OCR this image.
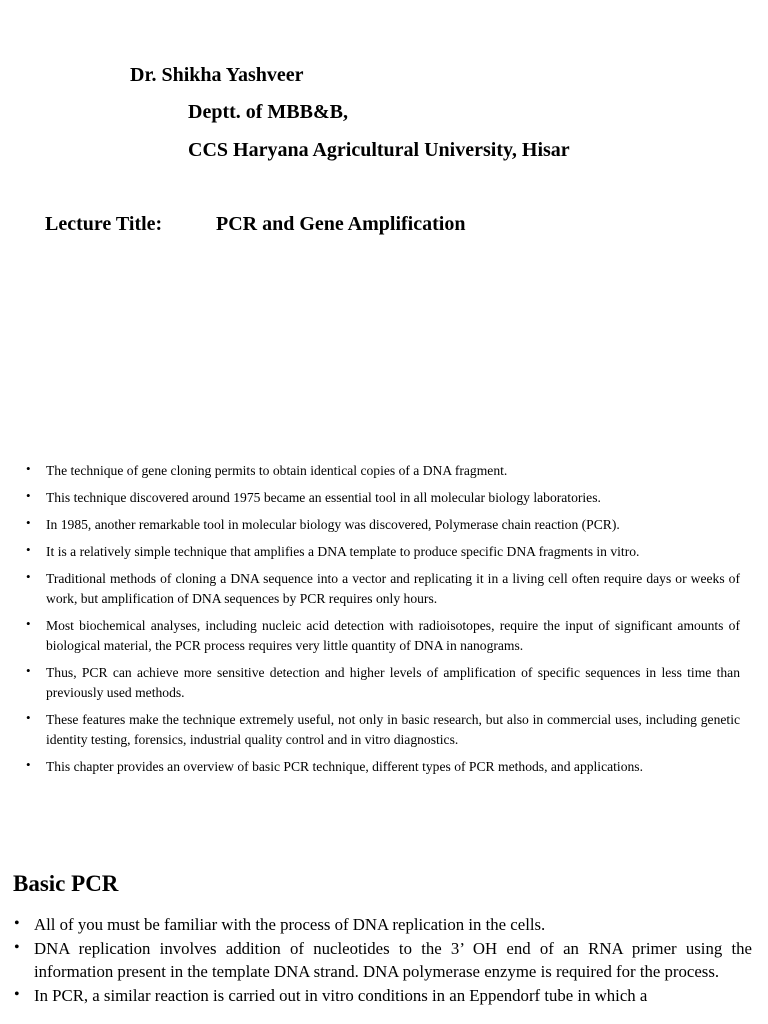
Dr. Shikha Yashveer
Deptt. of MBB&B,
CCS Haryana Agricultural University, Hisar
Lecture Title:	PCR and Gene Amplification
• The technique of gene cloning permits to obtain identical copies of a DNA fragment.
• This technique discovered around 1975 became an essential tool in all molecular biology laboratories.
• In 1985, another remarkable tool in molecular biology was discovered, Polymerase chain reaction (PCR).
• It is a relatively simple technique that amplifies a DNA template to produce specific DNA fragments in vitro.
• Traditional methods of cloning a DNA sequence into a vector and replicating it in a living cell often require days or weeks of work, but amplification of DNA sequences by PCR requires only hours.
• Most biochemical analyses, including nucleic acid detection with radioisotopes, require the input of significant amounts of biological material, the PCR process requires very little quantity of DNA in nanograms.
• Thus, PCR can achieve more sensitive detection and higher levels of amplification of specific sequences in less time than previously used methods.
• These features make the technique extremely useful, not only in basic research, but also in commercial uses, including genetic identity testing, forensics, industrial quality control and in vitro diagnostics.
• This chapter provides an overview of basic PCR technique, different types of PCR methods, and applications.
Basic PCR
• All of you must be familiar with the process of DNA replication in the cells.
• DNA replication involves addition of nucleotides to the 3’ OH end of an RNA primer using the information present in the template DNA strand. DNA polymerase enzyme is required for the process.
• In PCR, a similar reaction is carried out in vitro conditions in an Eppendorf tube in which a
